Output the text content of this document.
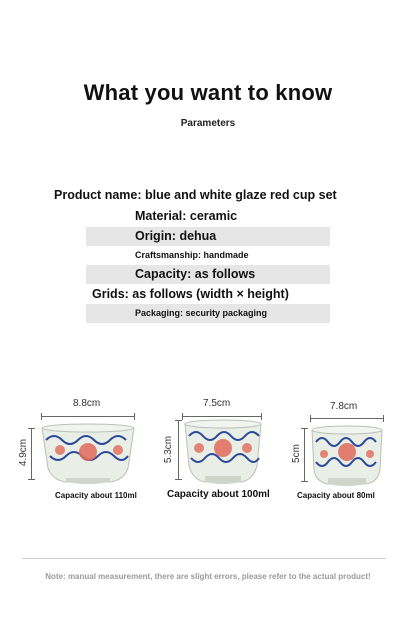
What you want to know
Parameters
Product name: blue and white glaze red cup set
Material: ceramic
Origin: dehua
Craftsmanship: handmade
Capacity: as follows
Grids: as follows (width × height)
Packaging: security packaging
8.8cm
4.9cm
Capacity about 110ml
7.5cm
5.3cm
Capacity about 100ml
7.8cm
5cm
Capacity about 80ml
Note: manual measurement, there are slight errors, please refer to the actual product!
